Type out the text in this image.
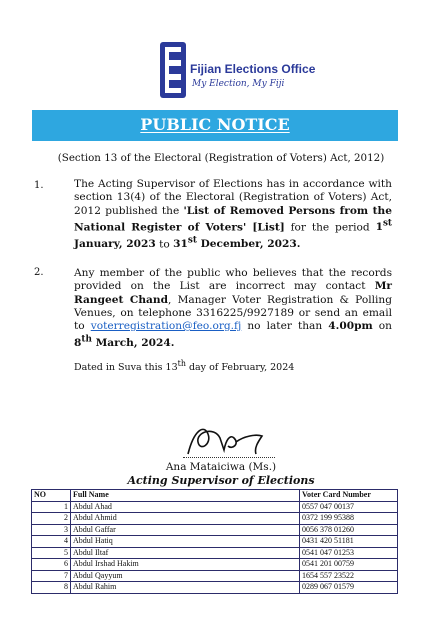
Fijian Elections Office
My Election, My Fiji
PUBLIC NOTICE
(Section 13 of the Electoral (Registration of Voters) Act, 2012)
1.	The Acting Supervisor of Elections has in accordance with section 13(4) of the Electoral (Registration of Voters) Act, 2012 published the 'List of Removed Persons from the National Register of Voters' [List] for the period 1st January, 2023 to 31st December, 2023.
2.	Any member of the public who believes that the records provided on the List are incorrect may contact Mr Rangeet Chand, Manager Voter Registration & Polling Venues, on telephone 3316225/9927189 or send an email to voterregistration@feo.org.fj no later than 4.00pm on 8th March, 2024.
Dated in Suva this 13th day of February, 2024
Ana Mataiciwa (Ms.)
Acting Supervisor of Elections
NO	Full Name	Voter Card Number
1	Abdul Ahad	0557 047 00137
2	Abdul Ahmid	0372 199 95388
3	Abdul Gaffar	0056 378 01260
4	Abdul Hatiq	0431 420 51181
5	Abdul Iltaf	0541 047 01253
6	Abdul Irshad Hakim	0541 201 00759
7	Abdul Qayyum	1654 557 23522
8	Abdul Rahim	0289 067 01579
